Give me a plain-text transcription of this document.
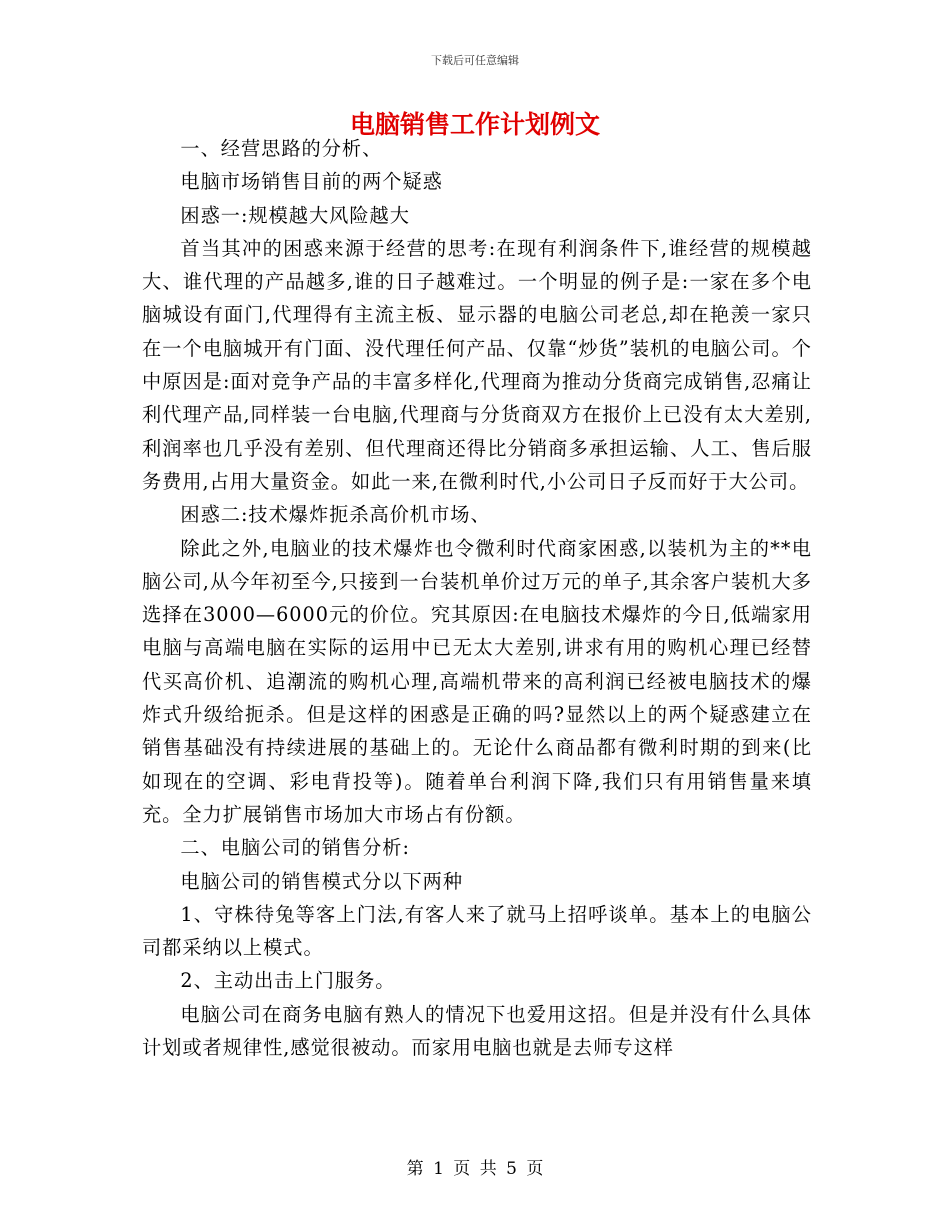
下载后可任意编辑
电脑销售工作计划例文

一、经营思路的分析、

电脑市场销售目前的两个疑惑

困惑一:规模越大风险越大

首当其冲的困惑来源于经营的思考:在现有利润条件下,谁经营的规模越大、谁代理的产品越多,谁的日子越难过。一个明显的例子是:一家在多个电脑城设有面门,代理得有主流主板、显示器的电脑公司老总,却在艳羡一家只在一个电脑城开有门面、没代理任何产品、仅靠“炒货”装机的电脑公司。个中原因是:面对竞争产品的丰富多样化,代理商为推动分货商完成销售,忍痛让利代理产品,同样装一台电脑,代理商与分货商双方在报价上已没有太大差别,利润率也几乎没有差别、但代理商还得比分销商多承担运输、人工、售后服务费用,占用大量资金。如此一来,在微利时代,小公司日子反而好于大公司。

困惑二:技术爆炸扼杀高价机市场、

除此之外,电脑业的技术爆炸也令微利时代商家困惑,以装机为主的**电脑公司,从今年初至今,只接到一台装机单价过万元的单子,其余客户装机大多选择在3000—6000元的价位。究其原因:在电脑技术爆炸的今日,低端家用电脑与高端电脑在实际的运用中已无太大差别,讲求有用的购机心理已经替代买高价机、追潮流的购机心理,高端机带来的高利润已经被电脑技术的爆炸式升级给扼杀。但是这样的困惑是正确的吗?显然以上的两个疑惑建立在销售基础没有持续进展的基础上的。无论什么商品都有微利时期的到来(比如现在的空调、彩电背投等)。随着单台利润下降,我们只有用销售量来填充。全力扩展销售市场加大市场占有份额。

二、电脑公司的销售分析:

电脑公司的销售模式分以下两种

1、守株待兔等客上门法,有客人来了就马上招呼谈单。基本上的电脑公司都采纳以上模式。

2、主动出击上门服务。

电脑公司在商务电脑有熟人的情况下也爱用这招。但是并没有什么具体计划或者规律性,感觉很被动。而家用电脑也就是去师专这样

第 1 页 共 5 页
